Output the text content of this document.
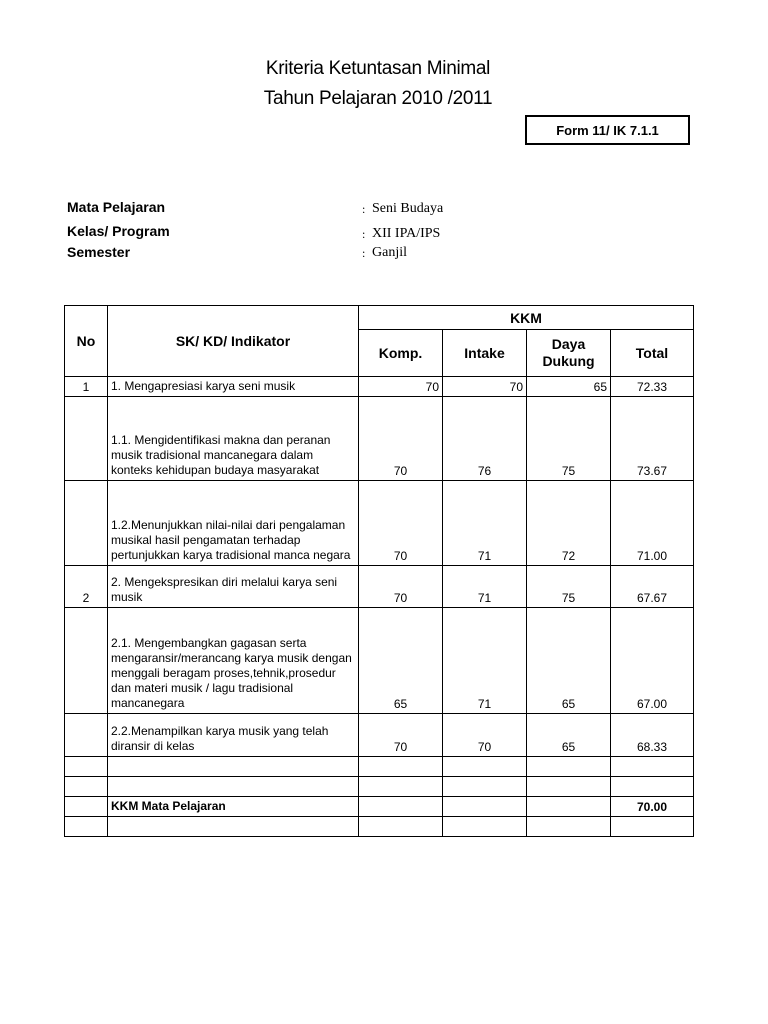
Kriteria Ketuntasan Minimal
Tahun Pelajaran 2010 /2011
Form 11/ IK 7.1.1
Mata Pelajaran	: Seni Budaya
Kelas/ Program	: XII IPA/IPS
Semester	: Ganjil
No	SK/ KD/ Indikator	KKM			
		Komp.	Intake	Daya Dukung	Total
1	1. Mengapresiasi karya seni musik	70	70	65	72.33
	1.1. Mengidentifikasi makna dan peranan musik tradisional mancanegara dalam konteks kehidupan budaya masyarakat	70	76	75	73.67
	1.2.Menunjukkan nilai-nilai dari pengalaman musikal hasil pengamatan terhadap pertunjukkan karya tradisional manca negara	70	71	72	71.00
2	2. Mengekspresikan diri melalui karya seni musik	70	71	75	67.67
	2.1. Mengembangkan gagasan serta mengaransir/merancang karya musik dengan menggali beragam proses,tehnik,prosedur dan materi musik / lagu tradisional mancanegara	65	71	65	67.00
	2.2.Menampilkan karya musik yang telah diransir di kelas	70	70	65	68.33

	KKM Mata Pelajaran				70.00
